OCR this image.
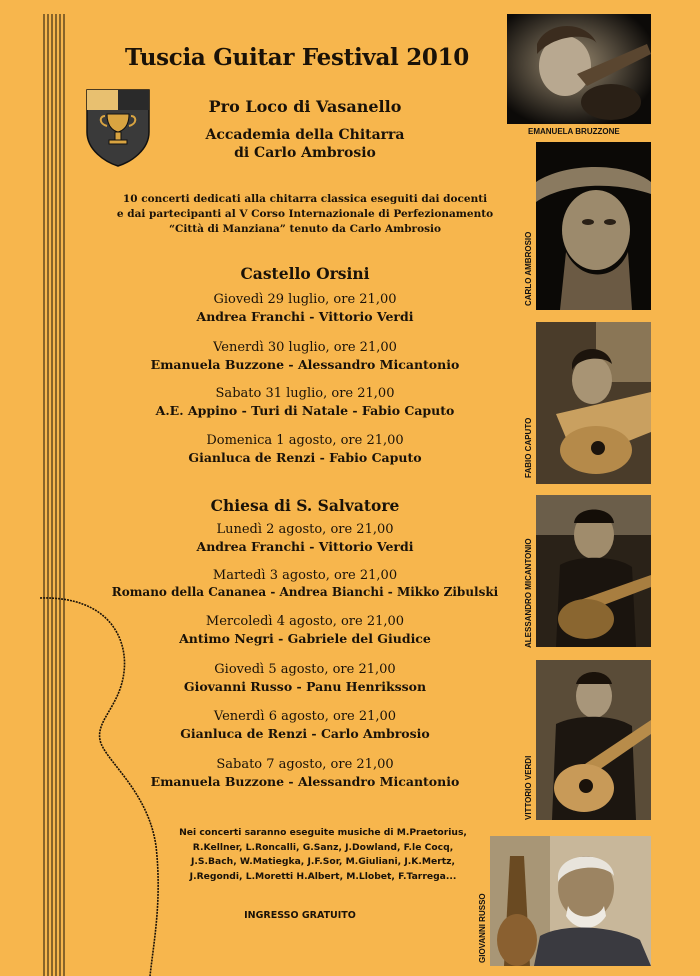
Tuscia Guitar Festival 2010
Pro Loco di Vasanello
Accademia della Chitarra
di Carlo Ambrosio
10 concerti dedicati alla chitarra classica eseguiti dai docenti
e dai partecipanti al V Corso Internazionale di Perfezionamento
“Città di Manziana” tenuto da Carlo Ambrosio
Castello Orsini
Giovedì 29 luglio, ore 21,00
Andrea Franchi - Vittorio Verdi
Venerdì 30 luglio, ore 21,00
Emanuela Buzzone - Alessandro Micantonio
Sabato 31 luglio, ore 21,00
A.E. Appino - Turi di Natale - Fabio Caputo
Domenica 1 agosto, ore 21,00
Gianluca de Renzi - Fabio Caputo
Chiesa di S. Salvatore
Lunedì 2 agosto, ore 21,00
Andrea Franchi - Vittorio Verdi
Martedì 3 agosto, ore 21,00
Romano della Cananea - Andrea Bianchi - Mikko Zibulski
Mercoledì 4 agosto, ore 21,00
Antimo Negri - Gabriele del Giudice
Giovedì 5 agosto, ore 21,00
Giovanni Russo - Panu Henriksson
Venerdì 6 agosto, ore 21,00
Gianluca de Renzi - Carlo Ambrosio
Sabato 7 agosto, ore 21,00
Emanuela Buzzone - Alessandro Micantonio
Nei concerti saranno eseguite musiche di M.Praetorius,
R.Kellner, L.Roncalli, G.Sanz, J.Dowland, F.le Cocq,
J.S.Bach, W.Matiegka, J.F.Sor, M.Giuliani, J.K.Mertz,
J.Regondi, L.Moretti H.Albert, M.Llobet, F.Tarrega...
INGRESSO GRATUITO
EMANUELA BRUZZONE
CARLO AMBROSIO
FABIO CAPUTO
ALESSANDRO MICANTONIO
VITTORIO VERDI
GIOVANNI RUSSO
